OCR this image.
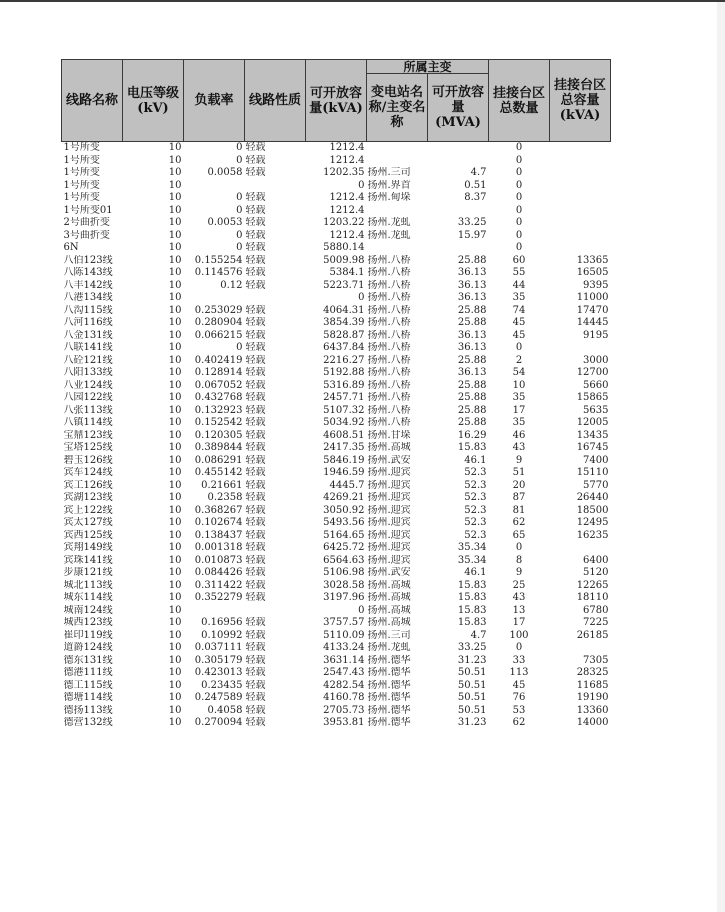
线路名称	电压等级(kV)	负载率	线路性质	可开放容量(kVA)	所属主变		挂接台区总数量	挂接台区总容量(kVA)
					变电站名称/主变名称	可开放容量(MVA)		
1号所变	10	0	轻载	1212.4			0	
1号所变	10	0	轻载	1212.4			0	
1号所变	10	0.0058	轻载	1202.35	扬州.三司	4.7	0	
1号所变	10			0	扬州.界首	0.51	0	
1号所变	10	0	轻载	1212.4	扬州.甸垛	8.37	0	
1号所变01	10	0	轻载	1212.4			0	
2号曲折变	10	0.0053	轻载	1203.22	扬州.龙虬	33.25	0	
3号曲折变	10	0	轻载	1212.4	扬州.龙虬	15.97	0	
6N	10	0	轻载	5880.14			0	
八伯123线	10	0.155254	轻载	5009.98	扬州.八桥	25.88	60	13365
八陈143线	10	0.114576	轻载	5384.1	扬州.八桥	36.13	55	16505
八丰142线	10	0.12	轻载	5223.71	扬州.八桥	36.13	44	9395
八港134线	10			0	扬州.八桥	36.13	35	11000
八沟115线	10	0.253029	轻载	4064.31	扬州.八桥	25.88	74	17470
八河116线	10	0.280904	轻载	3854.39	扬州.八桥	25.88	45	14445
八金131线	10	0.066215	轻载	5828.87	扬州.八桥	36.13	45	9195
八联141线	10	0	轻载	6437.84	扬州.八桥	36.13	0	
八砼121线	10	0.402419	轻载	2216.27	扬州.八桥	25.88	2	3000
八阳133线	10	0.128914	轻载	5192.88	扬州.八桥	36.13	54	12700
八业124线	10	0.067052	轻载	5316.89	扬州.八桥	25.88	10	5660
八园122线	10	0.432768	轻载	2457.71	扬州.八桥	25.88	35	15865
八张113线	10	0.132923	轻载	5107.32	扬州.八桥	25.88	17	5635
八镇114线	10	0.152542	轻载	5034.92	扬州.八桥	25.88	35	12005
宝鼎123线	10	0.120305	轻载	4608.51	扬州.甘垛	16.29	46	13435
宝塔125线	10	0.389844	轻载	2417.35	扬州.高城	15.83	43	16745
碧玉126线	10	0.086291	轻载	5846.19	扬州.武安	46.1	9	7400
宾车124线	10	0.455142	轻载	1946.59	扬州.迎宾	52.3	51	15110
宾工126线	10	0.21661	轻载	4445.7	扬州.迎宾	52.3	20	5770
宾湖123线	10	0.2358	轻载	4269.21	扬州.迎宾	52.3	87	26440
宾上122线	10	0.368267	轻载	3050.92	扬州.迎宾	52.3	81	18500
宾太127线	10	0.102674	轻载	5493.56	扬州.迎宾	52.3	62	12495
宾西125线	10	0.138437	轻载	5164.65	扬州.迎宾	52.3	65	16235
宾翔149线	10	0.001318	轻载	6425.72	扬州.迎宾	35.34	0	
宾珠141线	10	0.010873	轻载	6564.63	扬州.迎宾	35.34	8	6400
步康121线	10	0.084426	轻载	5106.98	扬州.武安	46.1	9	5120
城北113线	10	0.311422	轻载	3028.58	扬州.高城	15.83	25	12265
城东114线	10	0.352279	轻载	3197.96	扬州.高城	15.83	43	18110
城南124线	10			0	扬州.高城	15.83	13	6780
城西123线	10	0.16956	轻载	3757.57	扬州.高城	15.83	17	7225
崔印119线	10	0.10992	轻载	5110.09	扬州.三司	4.7	100	26185
道爵124线	10	0.037111	轻载	4133.24	扬州.龙虬	33.25	0	
德东131线	10	0.305179	轻载	3631.14	扬州.德华	31.23	33	7305
德港111线	10	0.423013	轻载	2547.43	扬州.德华	50.51	113	28325
德工115线	10	0.23435	轻载	4282.54	扬州.德华	50.51	45	11685
德塘114线	10	0.247589	轻载	4160.78	扬州.德华	50.51	76	19190
德扬113线	10	0.4058	轻载	2705.73	扬州.德华	50.51	53	13360
德营132线	10	0.270094	轻载	3953.81	扬州.德华	31.23	62	14000
